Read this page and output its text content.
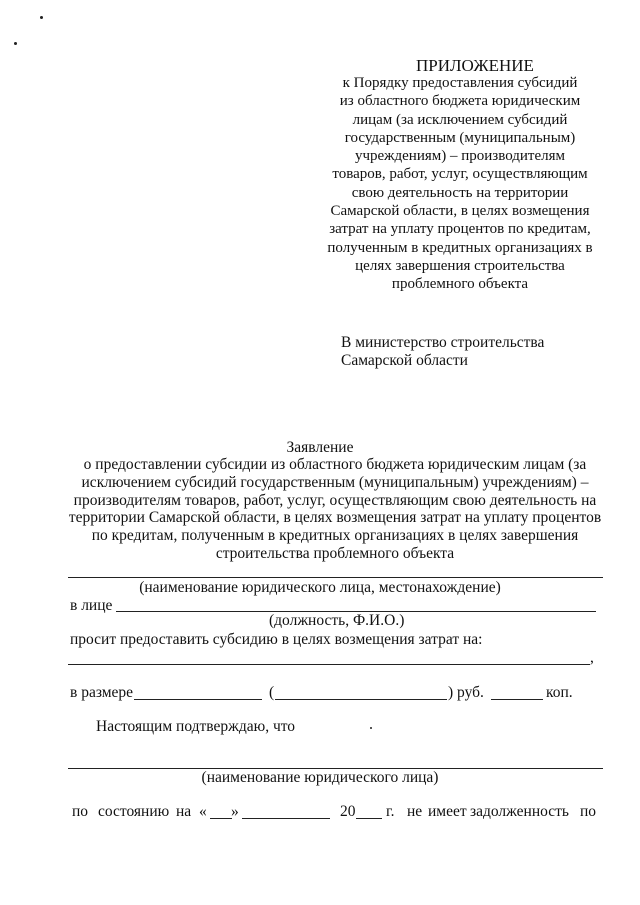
ПРИЛОЖЕНИЕ
к Порядку предоставления субсидий
из областного бюджета юридическим
лицам (за исключением субсидий
государственным (муниципальным)
учреждениям) – производителям
товаров, работ, услуг, осуществляющим
свою деятельность на территории
Самарской области, в целях возмещения
затрат на уплату процентов по кредитам,
полученным в кредитных организациях в
целях завершения строительства
проблемного объекта
В министерство строительства
Самарской области
Заявление
о предоставлении субсидии из областного бюджета юридическим лицам (за
исключением субсидий государственным (муниципальным) учреждениям) –
производителям товаров, работ, услуг, осуществляющим свою деятельность на
территории Самарской области, в целях возмещения затрат на уплату процентов
по кредитам, полученным в кредитных организациях в целях завершения
строительства проблемного объекта
(наименование юридического лица, местонахождение)
в лице
(должность, Ф.И.О.)
просит предоставить субсидию в целях возмещения затрат на:
,
в размере	(	) руб.	коп.
Настоящим подтверждаю, что
(наименование юридического лица)
по состоянию на « »	20 г. не имеет задолженность по
